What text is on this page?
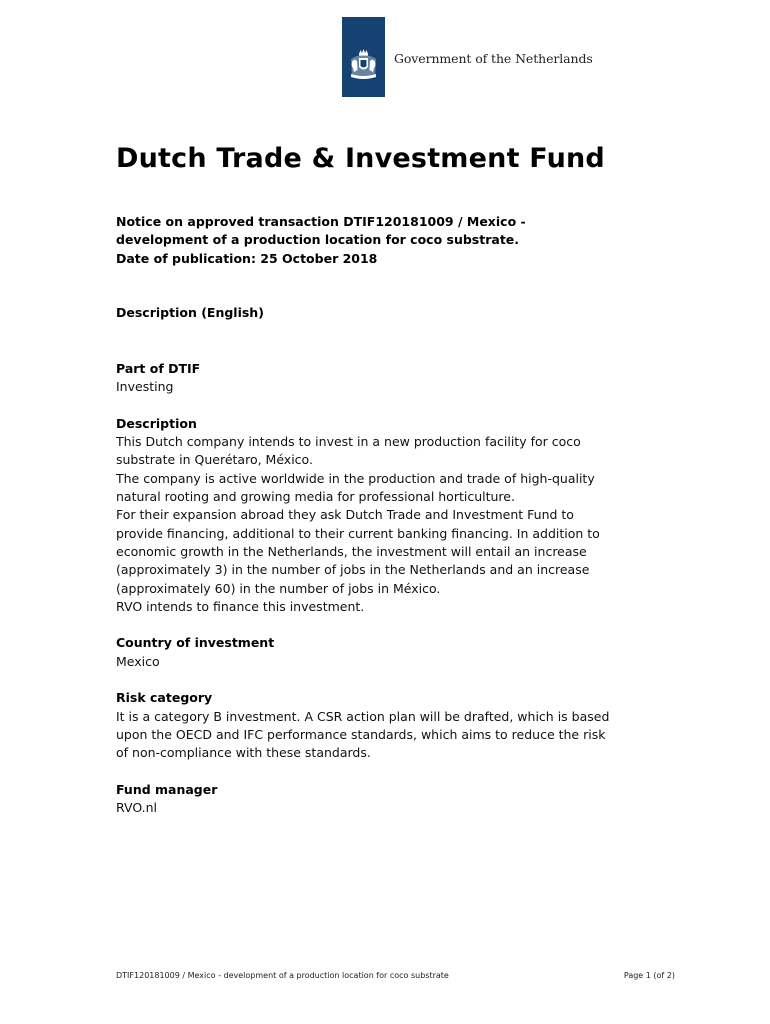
Government of the Netherlands
Dutch Trade & Investment Fund
Notice on approved transaction DTIF120181009 / Mexico -
development of a production location for coco substrate.
Date of publication: 25 October 2018
Description (English)
Part of DTIF
Investing
Description
This Dutch company intends to invest in a new production facility for coco
substrate in Querétaro, México.
The company is active worldwide in the production and trade of high-quality
natural rooting and growing media for professional horticulture.
For their expansion abroad they ask Dutch Trade and Investment Fund to
provide financing, additional to their current banking financing. In addition to
economic growth in the Netherlands, the investment will entail an increase
(approximately 3) in the number of jobs in the Netherlands and an increase
(approximately 60) in the number of jobs in México.
RVO intends to finance this investment.
Country of investment
Mexico
Risk category
It is a category B investment. A CSR action plan will be drafted, which is based
upon the OECD and IFC performance standards, which aims to reduce the risk
of non-compliance with these standards.
Fund manager
RVO.nl
DTIF120181009 / Mexico - development of a production location for coco substrate	Page 1 (of 2)
